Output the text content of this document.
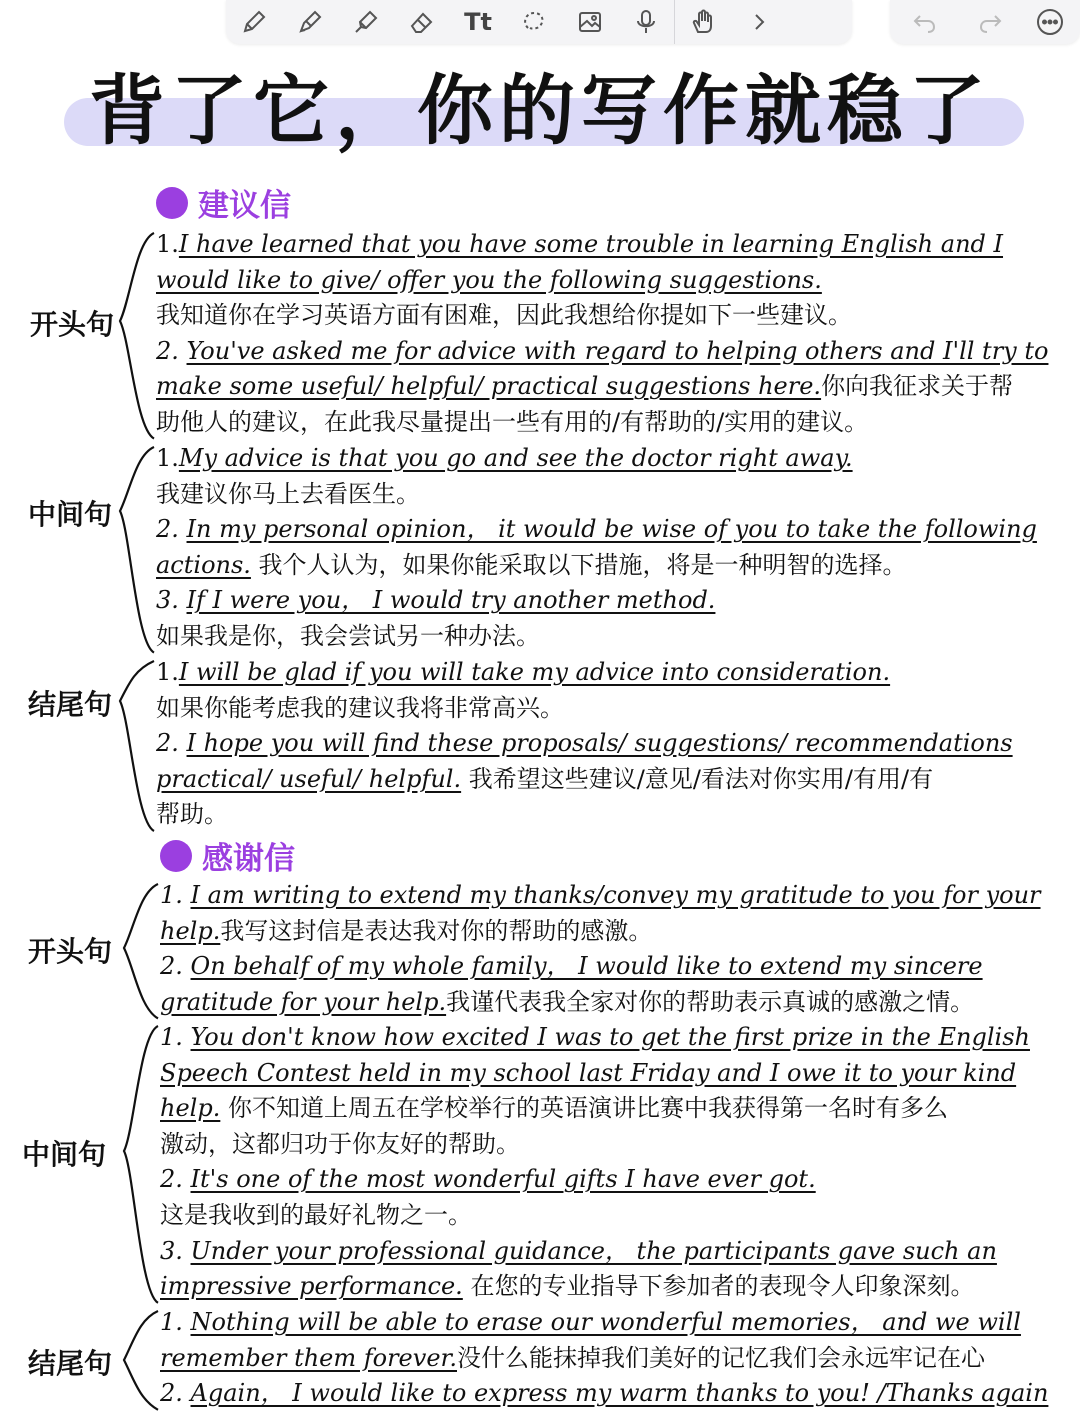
Tt
背了它，你的写作就稳了
建议信
开头句
1.I have learned that you have some trouble in learning English and I
would like to give/ offer you the following suggestions.
我知道你在学习英语方面有困难，因此我想给你提如下一些建议。
2. You've asked me for advice with regard to helping others and I'll try to
make some useful/ helpful/ practical suggestions here.你向我征求关于帮
助他人的建议，在此我尽量提出一些有用的/有帮助的/实用的建议。
中间句
1.My advice is that you go and see the doctor right away.
我建议你马上去看医生。
2. In my personal opinion， it would be wise of you to take the following
actions. 我个人认为，如果你能采取以下措施，将是一种明智的选择。
3. If I were you， I would try another method.
如果我是你，我会尝试另一种办法。
结尾句
1.I will be glad if you will take my advice into consideration.
如果你能考虑我的建议我将非常高兴。
2. I hope you will find these proposals/ suggestions/ recommendations
practical/ useful/ helpful. 我希望这些建议/意见/看法对你实用/有用/有
帮助。
感谢信
开头句
1. I am writing to extend my thanks/convey my gratitude to you for your
help.我写这封信是表达我对你的帮助的感激。
2. On behalf of my whole family， I would like to extend my sincere
gratitude for your help.我谨代表我全家对你的帮助表示真诚的感激之情。
中间句
1. You don't know how excited I was to get the first prize in the English
Speech Contest held in my school last Friday and I owe it to your kind
help. 你不知道上周五在学校举行的英语演讲比赛中我获得第一名时有多么
激动，这都归功于你友好的帮助。
2. It's one of the most wonderful gifts I have ever got.
这是我收到的最好礼物之一。
3. Under your professional guidance， the participants gave such an
impressive performance. 在您的专业指导下参加者的表现令人印象深刻。
结尾句
1. Nothing will be able to erase our wonderful memories， and we will
remember them forever.没什么能抹掉我们美好的记忆我们会永远牢记在心
2. Again， I would like to express my warm thanks to you! /Thanks again
